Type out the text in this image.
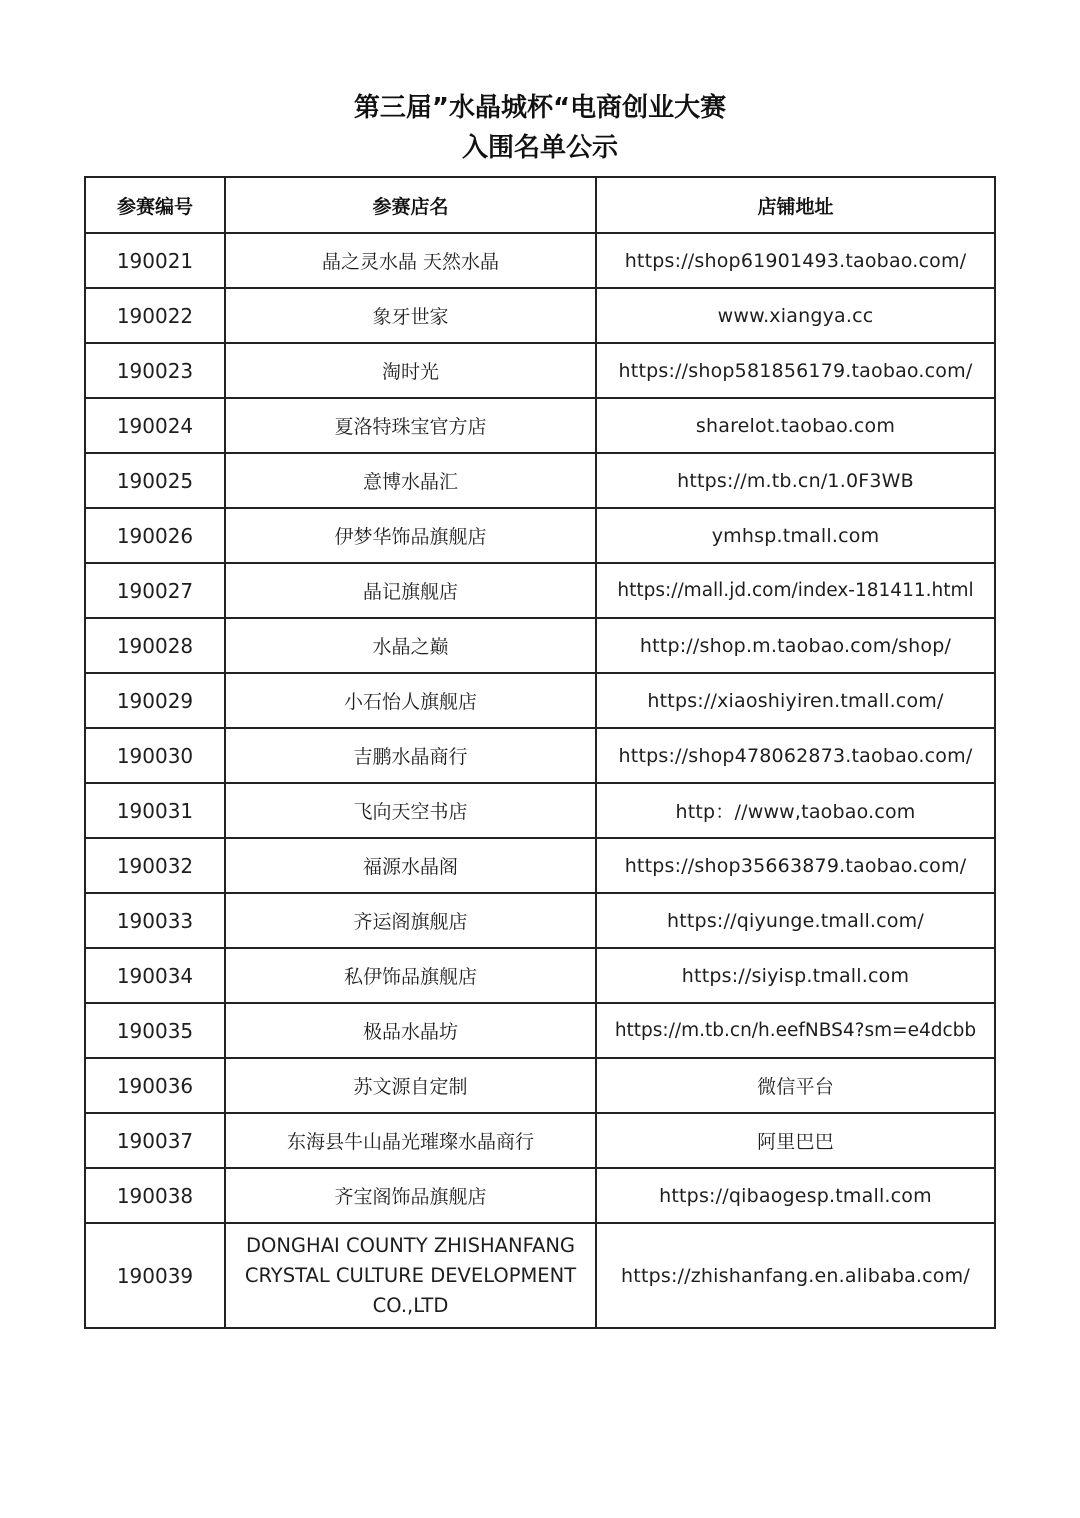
第三届”水晶城杯“电商创业大赛
入围名单公示
参赛编号	参赛店名	店铺地址
190021	晶之灵水晶 天然水晶	https://shop61901493.taobao.com/
190022	象牙世家	www.xiangya.cc
190023	淘时光	https://shop581856179.taobao.com/
190024	夏洛特珠宝官方店	sharelot.taobao.com
190025	意博水晶汇	https://m.tb.cn/1.0F3WB
190026	伊梦华饰品旗舰店	ymhsp.tmall.com
190027	晶记旗舰店	https://mall.jd.com/index-181411.html
190028	水晶之巅	http://shop.m.taobao.com/shop/
190029	小石怡人旗舰店	https://xiaoshiyiren.tmall.com/
190030	吉鹏水晶商行	https://shop478062873.taobao.com/
190031	飞向天空书店	http：//www,taobao.com
190032	福源水晶阁	https://shop35663879.taobao.com/
190033	齐运阁旗舰店	https://qiyunge.tmall.com/
190034	私伊饰品旗舰店	https://siyisp.tmall.com
190035	极品水晶坊	https://m.tb.cn/h.eefNBS4?sm=e4dcbb
190036	苏文源自定制	微信平台
190037	东海县牛山晶光璀璨水晶商行	阿里巴巴
190038	齐宝阁饰品旗舰店	https://qibaogesp.tmall.com
190039	DONGHAI COUNTY ZHISHANFANG CRYSTAL CULTURE DEVELOPMENT CO.,LTD	https://zhishanfang.en.alibaba.com/
